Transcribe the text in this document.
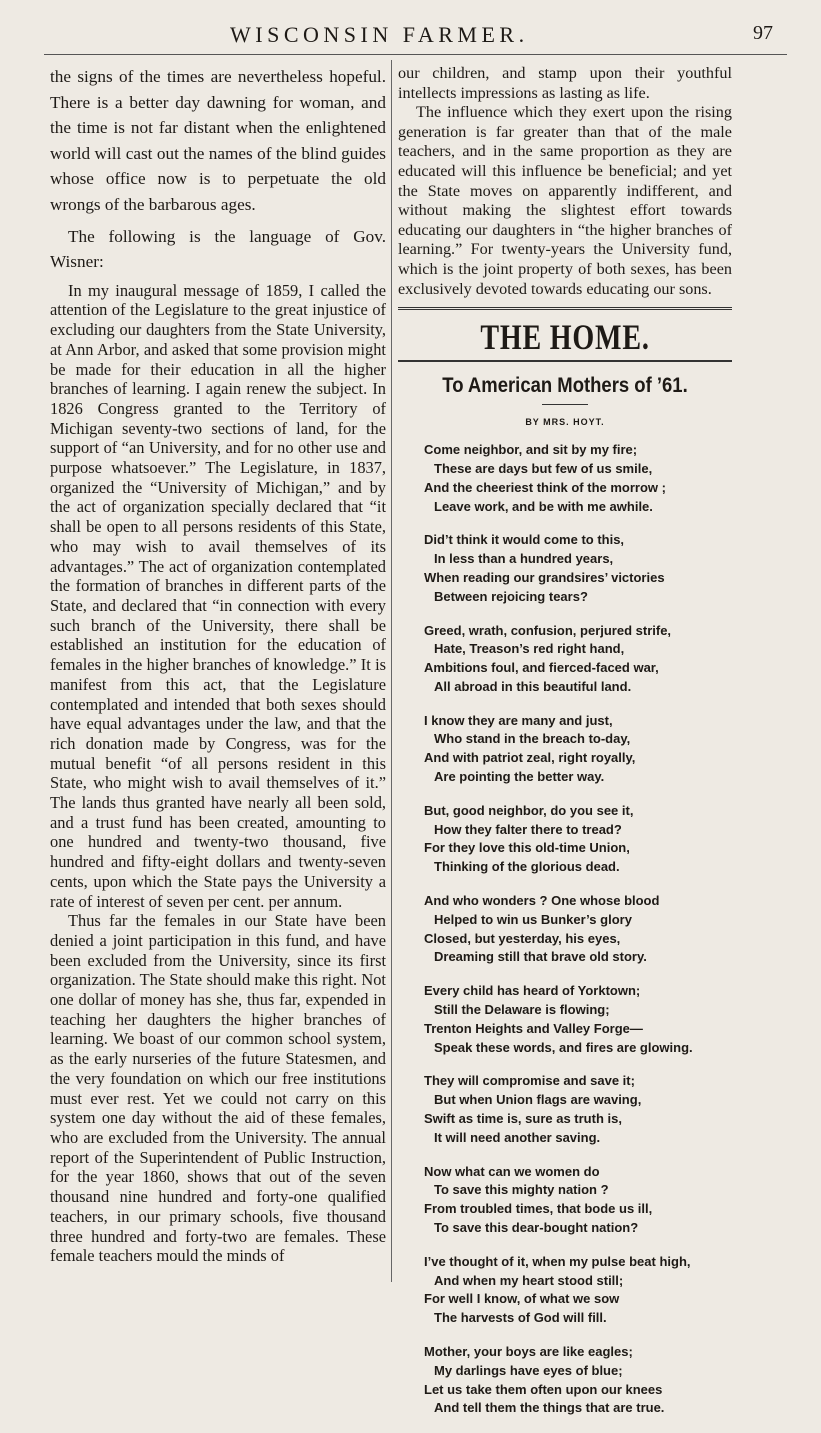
WISCONSIN FARMER.	97

the signs of the times are nevertheless hopeful. There is a better day dawning for woman, and the time is not far distant when the enlightened world will cast out the names of the blind guides whose office now is to perpetuate the old wrongs of the barbarous ages.

The following is the language of Gov. Wisner:

In my inaugural message of 1859, I called the attention of the Legislature to the great injustice of excluding our daughters from the State University, at Ann Arbor, and asked that some provision might be made for their education in all the higher branches of learning. I again renew the subject. In 1826 Congress granted to the Territory of Michigan seventy-two sections of land, for the support of “an University, and for no other use and purpose whatsoever.” The Legislature, in 1837, organized the “University of Michigan,” and by the act of organization specially declared that “it shall be open to all persons residents of this State, who may wish to avail themselves of its advantages.” The act of organization contemplated the formation of branches in different parts of the State, and declared that “in connection with every such branch of the University, there shall be established an institution for the education of females in the higher branches of knowledge.” It is manifest from this act, that the Legislature contemplated and intended that both sexes should have equal advantages under the law, and that the rich donation made by Congress, was for the mutual benefit “of all persons resident in this State, who might wish to avail themselves of it.” The lands thus granted have nearly all been sold, and a trust fund has been created, amounting to one hundred and twenty-two thousand, five hundred and fifty-eight dollars and twenty-seven cents, upon which the State pays the University a rate of interest of seven per cent. per annum.

Thus far the females in our State have been denied a joint participation in this fund, and have been excluded from the University, since its first organization. The State should make this right. Not one dollar of money has she, thus far, expended in teaching her daughters the higher branches of learning. We boast of our common school system, as the early nurseries of the future Statesmen, and the very foundation on which our free institutions must ever rest. Yet we could not carry on this system one day without the aid of these females, who are excluded from the University. The annual report of the Superintendent of Public Instruction, for the year 1860, shows that out of the seven thousand nine hundred and forty-one qualified teachers, in our primary schools, five thousand three hundred and forty-two are females. These female teachers mould the minds of

our children, and stamp upon their youthful intellects impressions as lasting as life.

The influence which they exert upon the rising generation is far greater than that of the male teachers, and in the same proportion as they are educated will this influence be beneficial; and yet the State moves on apparently indifferent, and without making the slightest effort towards educating our daughters in “the higher branches of learning.” For twenty-years the University fund, which is the joint property of both sexes, has been exclusively devoted towards educating our sons.

THE HOME.
To American Mothers of ’61.
BY MRS. HOYT.
Come neighbor, and sit by my fire;
These are days but few of us smile,
And the cheeriest think of the morrow ;
Leave work, and be with me awhile.
Did’t think it would come to this,
In less than a hundred years,
When reading our grandsires’ victories
Between rejoicing tears?
Greed, wrath, confusion, perjured strife,
Hate, Treason’s red right hand,
Ambitions foul, and fierced-faced war,
All abroad in this beautiful land.
I know they are many and just,
Who stand in the breach to-day,
And with patriot zeal, right royally,
Are pointing the better way.
But, good neighbor, do you see it,
How they falter there to tread?
For they love this old-time Union,
Thinking of the glorious dead.
And who wonders ? One whose blood
Helped to win us Bunker’s glory
Closed, but yesterday, his eyes,
Dreaming still that brave old story.
Every child has heard of Yorktown;
Still the Delaware is flowing;
Trenton Heights and Valley Forge—
Speak these words, and fires are glowing.
They will compromise and save it;
But when Union flags are waving,
Swift as time is, sure as truth is,
It will need another saving.
Now what can we women do
To save this mighty nation ?
From troubled times, that bode us ill,
To save this dear-bought nation?
I’ve thought of it, when my pulse beat high,
And when my heart stood still;
For well I know, of what we sow
The harvests of God will fill.
Mother, your boys are like eagles;
My darlings have eyes of blue;
Let us take them often upon our knees
And tell them the things that are true.
